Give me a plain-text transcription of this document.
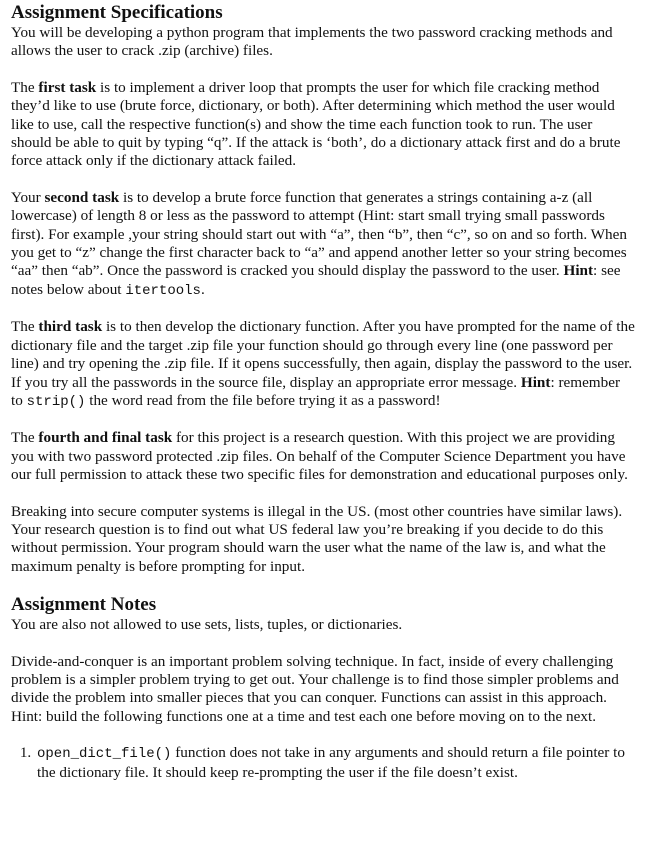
Assignment Specifications

You will be developing a python program that implements the two password cracking methods and allows the user to crack .zip (archive) files.

The first task is to implement a driver loop that prompts the user for which file cracking method they’d like to use (brute force, dictionary, or both). After determining which method the user would like to use, call the respective function(s) and show the time each function took to run. The user should be able to quit by typing “q”. If the attack is ‘both’, do a dictionary attack first and do a brute force attack only if the dictionary attack failed.

Your second task is to develop a brute force function that generates a strings containing a-z (all lowercase) of length 8 or less as the password to attempt (Hint: start small trying small passwords first). For example ,your string should start out with “a”, then “b”, then “c”, so on and so forth. When you get to “z” change the first character back to “a” and append another letter so your string becomes “aa” then “ab”. Once the password is cracked you should display the password to the user. Hint: see notes below about itertools.

The third task is to then develop the dictionary function. After you have prompted for the name of the dictionary file and the target .zip file your function should go through every line (one password per line) and try opening the .zip file. If it opens successfully, then again, display the password to the user. If you try all the passwords in the source file, display an appropriate error message. Hint: remember to strip() the word read from the file before trying it as a password!

The fourth and final task for this project is a research question. With this project we are providing you with two password protected .zip files. On behalf of the Computer Science Department you have our full permission to attack these two specific files for demonstration and educational purposes only.

Breaking into secure computer systems is illegal in the US. (most other countries have similar laws). Your research question is to find out what US federal law you’re breaking if you decide to do this without permission. Your program should warn the user what the name of the law is, and what the maximum penalty is before prompting for input.

Assignment Notes

You are also not allowed to use sets, lists, tuples, or dictionaries.

Divide-and-conquer is an important problem solving technique. In fact, inside of every challenging problem is a simpler problem trying to get out. Your challenge is to find those simpler problems and divide the problem into smaller pieces that you can conquer. Functions can assist in this approach. Hint: build the following functions one at a time and test each one before moving on to the next.

1. open_dict_file() function does not take in any arguments and should return a file pointer to the dictionary file. It should keep re-prompting the user if the file doesn’t exist.
